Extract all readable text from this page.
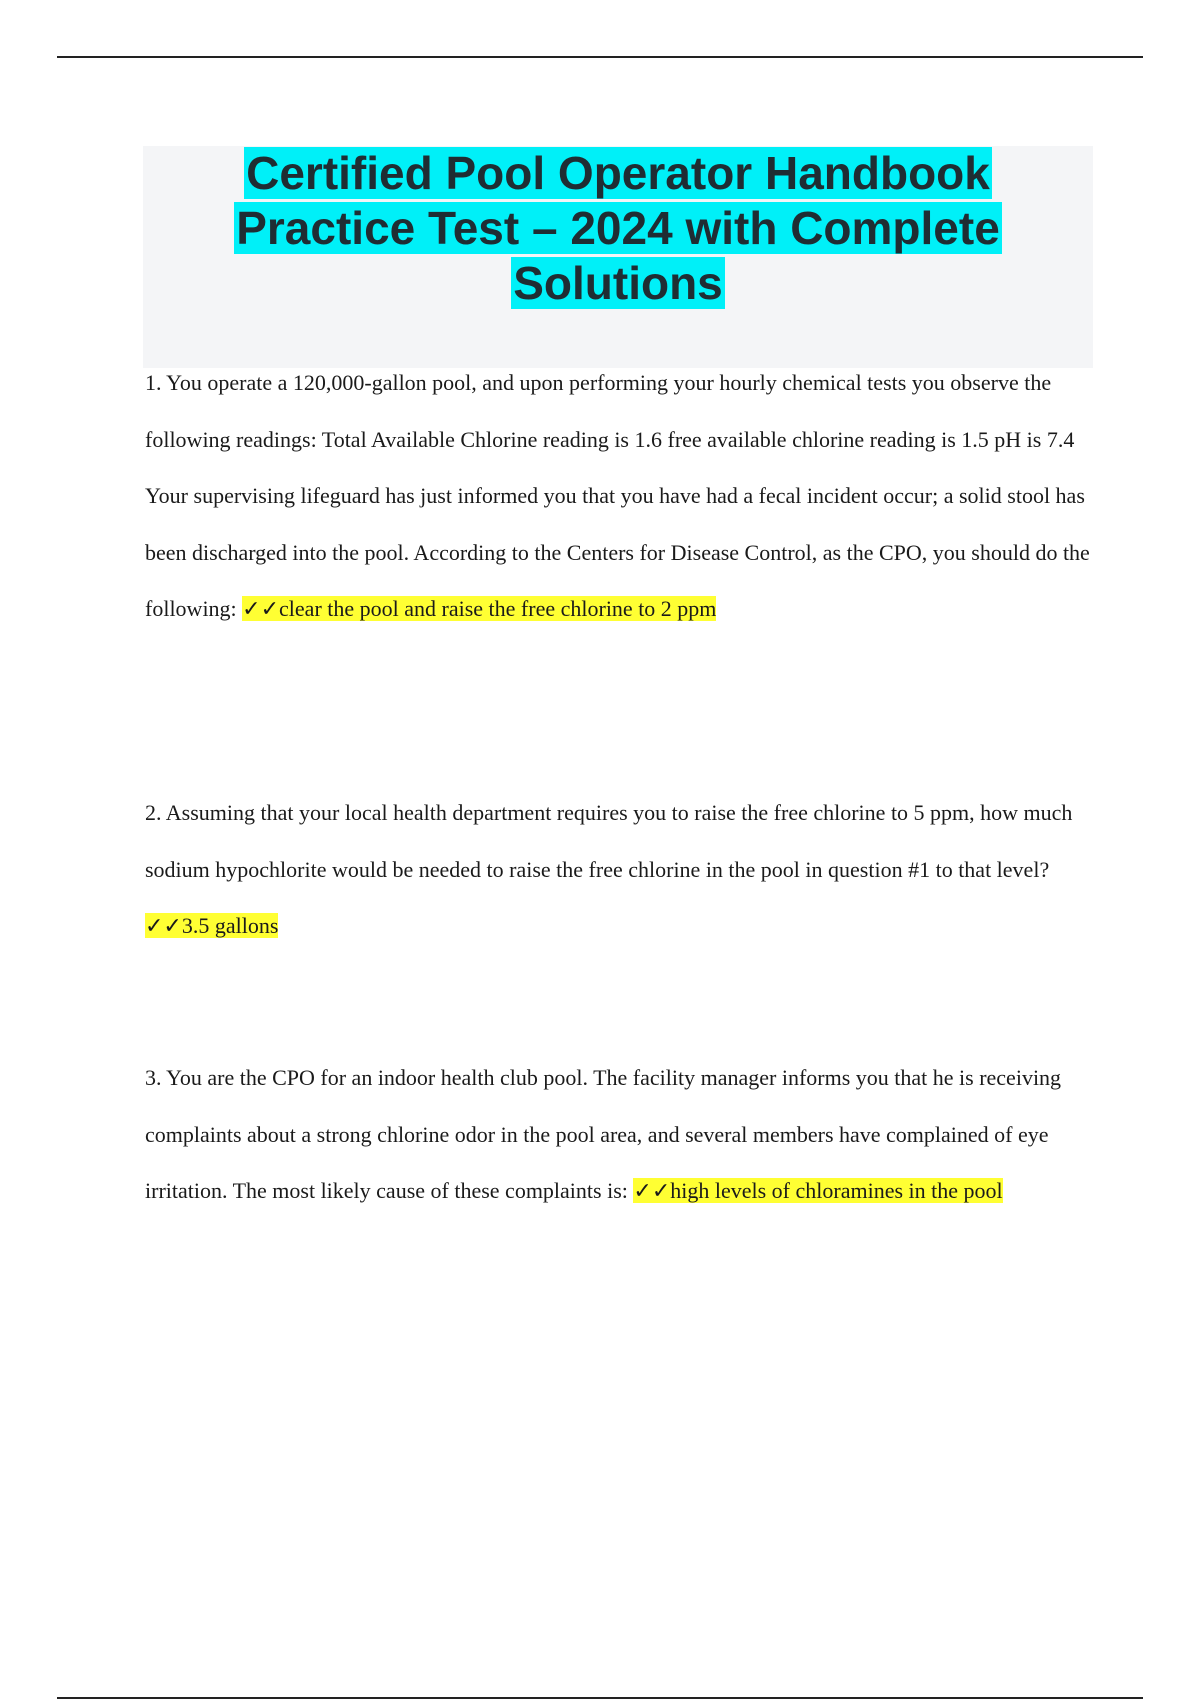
Certified Pool Operator Handbook
Practice Test – 2024 with Complete
Solutions

1. You operate a 120,000-gallon pool, and upon performing your hourly chemical tests you observe the following readings: Total Available Chlorine reading is 1.6 free available chlorine reading is 1.5 pH is 7.4 Your supervising lifeguard has just informed you that you have had a fecal incident occur; a solid stool has been discharged into the pool. According to the Centers for Disease Control, as the CPO, you should do the following: ✓✓clear the pool and raise the free chlorine to 2 ppm

2. Assuming that your local health department requires you to raise the free chlorine to 5 ppm, how much sodium hypochlorite would be needed to raise the free chlorine in the pool in question #1 to that level? ✓✓3.5 gallons

3. You are the CPO for an indoor health club pool. The facility manager informs you that he is receiving complaints about a strong chlorine odor in the pool area, and several members have complained of eye irritation. The most likely cause of these complaints is: ✓✓high levels of chloramines in the pool
